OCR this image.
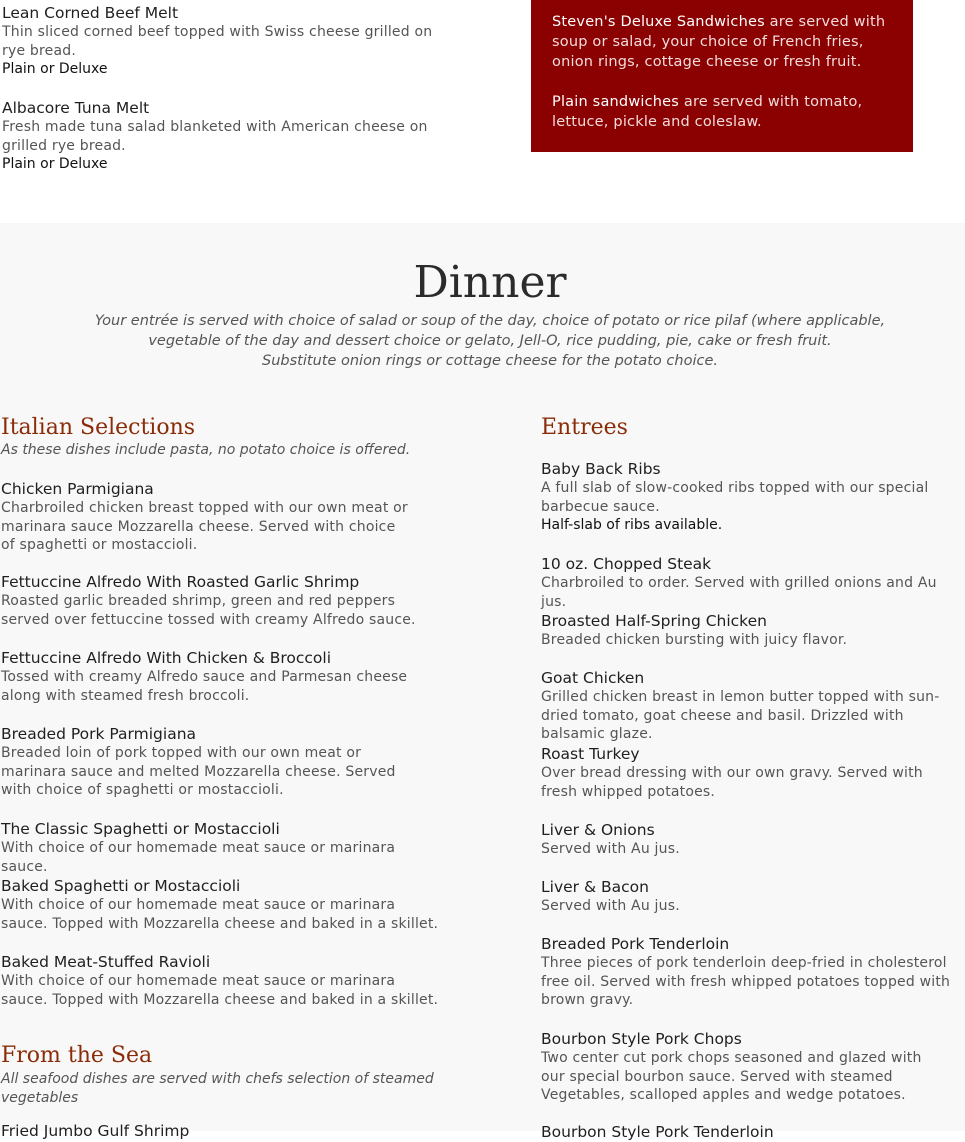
Lean Corned Beef Melt
Thin sliced corned beef topped with Swiss cheese grilled on rye bread.
Plain or Deluxe
Albacore Tuna Melt
Fresh made tuna salad blanketed with American cheese on grilled rye bread.
Plain or Deluxe

Steven's Deluxe Sandwiches are served with soup or salad, your choice of French fries, onion rings, cottage cheese or fresh fruit.

Plain sandwiches are served with tomato, lettuce, pickle and coleslaw.

Dinner
Your entrée is served with choice of salad or soup of the day, choice of potato or rice pilaf (where applicable,
vegetable of the day and dessert choice or gelato, Jell-O, rice pudding, pie, cake or fresh fruit.
Substitute onion rings or cottage cheese for the potato choice.
Italian Selections
As these dishes include pasta, no potato choice is offered.
Chicken Parmigiana
Charbroiled chicken breast topped with our own meat or marinara sauce Mozzarella cheese. Served with choice of spaghetti or mostaccioli.
Fettuccine Alfredo With Roasted Garlic Shrimp
Roasted garlic breaded shrimp, green and red peppers served over fettuccine tossed with creamy Alfredo sauce.
Fettuccine Alfredo With Chicken & Broccoli
Tossed with creamy Alfredo sauce and Parmesan cheese along with steamed fresh broccoli.
Breaded Pork Parmigiana
Breaded loin of pork topped with our own meat or marinara sauce and melted Mozzarella cheese. Served with choice of spaghetti or mostaccioli.
The Classic Spaghetti or Mostaccioli
With choice of our homemade meat sauce or marinara sauce.
Baked Spaghetti or Mostaccioli
With choice of our homemade meat sauce or marinara sauce. Topped with Mozzarella cheese and baked in a skillet.
Baked Meat-Stuffed Ravioli
With choice of our homemade meat sauce or marinara sauce. Topped with Mozzarella cheese and baked in a skillet.
From the Sea
All seafood dishes are served with chefs selection of steamed vegetables
Fried Jumbo Gulf Shrimp
Entrees
Baby Back Ribs
A full slab of slow-cooked ribs topped with our special barbecue sauce.
Half-slab of ribs available.
10 oz. Chopped Steak
Charbroiled to order. Served with grilled onions and Au jus.
Broasted Half-Spring Chicken
Breaded chicken bursting with juicy flavor.
Goat Chicken
Grilled chicken breast in lemon butter topped with sun-dried tomato, goat cheese and basil. Drizzled with balsamic glaze.
Roast Turkey
Over bread dressing with our own gravy. Served with fresh whipped potatoes.
Liver & Onions
Served with Au jus.
Liver & Bacon
Served with Au jus.
Breaded Pork Tenderloin
Three pieces of pork tenderloin deep-fried in cholesterol free oil. Served with fresh whipped potatoes topped with brown gravy.
Bourbon Style Pork Chops
Two center cut pork chops seasoned and glazed with our special bourbon sauce. Served with steamed Vegetables, scalloped apples and wedge potatoes.
Bourbon Style Pork Tenderloin
